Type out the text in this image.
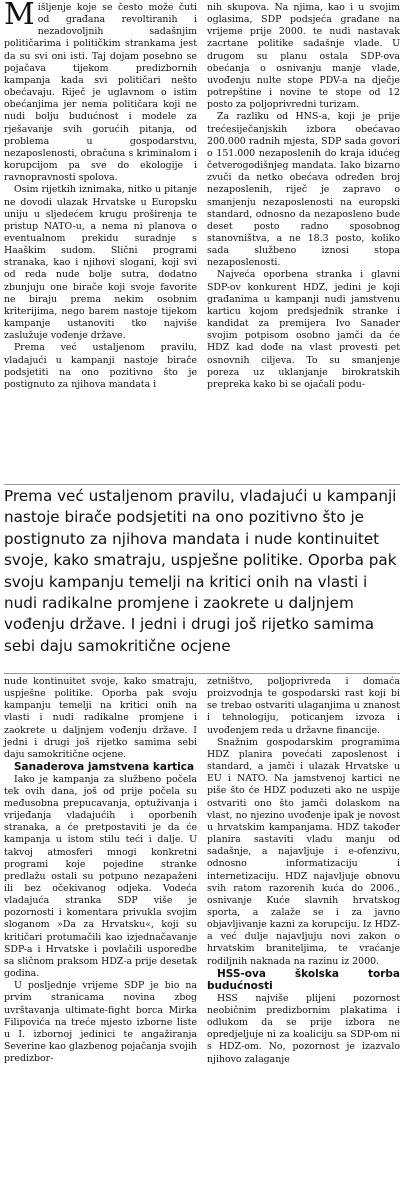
Mišljenje koje se često može čuti od građana revoltiranih i nezadovoljnih sadašnjim političarima i političkim strankama jest da su svi oni isti. Taj dojam posebno se pojačava tijekom predizbornih kampanja kada svi političari nešto obećavaju. Riječ je uglavnom o istim obećanjima jer nema političara koji ne nudi bolju budućnost i modele za rješavanje svih gorućih pitanja, od problema u gospodarstvu, nezaposlenosti, obračuna s kriminalom i korupcijom pa sve do ekologije i ravnopravnosti spolova.

Osim rijetkih iznimaka, nitko u pitanje ne dovodi ulazak Hrvatske u Europsku uniju u sljedećem krugu proširenja te pristup NATO-u, a nema ni planova o eventualnom prekidu suradnje s Haaškim sudom. Slični programi stranaka, kao i njihovi slogani, koji svi od reda nude bolje sutra, dodatno zbunjuju one birače koji svoje favorite ne biraju prema nekim osobnim kriterijima, nego barem nastoje tijekom kampanje ustanoviti tko najviše zaslužuje vođenje države.

Prema već ustaljenom pravilu, vladajući u kampanji nastoje birače podsjetiti na ono pozitivno što je postignuto za njihova mandata i

nih skupova. Na njima, kao i u svojim oglasima, SDP podsjeća građane na vrijeme prije 2000. te nudi nastavak zacrtane politike sadašnje vlade. U drugom su planu ostala SDP-ova obećanja o osnivanju manje vlade, uvođenju nulte stope PDV-a na dječje potrepštine i novine te stope od 12 posto za poljoprivredni turizam.

Za razliku od HNS-a, koji je prije trećesiječanjskih izbora obećavao 200.000 radnih mjesta, SDP sada govori o 151.000 nezaposlenih do kraja idućeg četverogodišnjeg mandata. Iako bizarno zvuči da netko obećava određen broj nezaposlenih, riječ je zapravo o smanjenju nezaposlenosti na europski standard, odnosno da nezaposleno bude deset posto radno sposobnog stanovništva, a ne 18.3 posto, koliko sada službeno iznosi stopa nezaposlenosti.

Najveća oporbena stranka i glavni SDP-ov konkurent HDZ, jedini je koji građanima u kampanji nudi jamstvenu karticu kojom predsjednik stranke i kandidat za premijera Ivo Sanader svojim potpisom osobno jamči da će HDZ kad dođe na vlast provesti pet osnovnih ciljeva. To su smanjenje poreza uz uklanjanje birokratskih prepreka kako bi se ojačali podu-

Prema već ustaljenom pravilu, vladajući u kampanji nastoje birače podsjetiti na ono pozitivno što je postignuto za njihova mandata i nude kontinuitet svoje, kako smatraju, uspješne politike. Oporba pak svoju kampanju temelji na kritici onih na vlasti i nudi radikalne promjene i zaokrete u daljnjem vođenju države. I jedni i drugi još rijetko samima sebi daju samokritične ocjene

nude kontinuitet svoje, kako smatraju, uspješne politike. Oporba pak svoju kampanju temelji na kritici onih na vlasti i nudi radikalne promjene i zaokrete u daljnjem vođenju države. I jedni i drugi još rijetko samima sebi daju samokritične ocjene.

Sanaderova jamstvena kartica

Iako je kampanja za službeno počela tek ovih dana, još od prije počela su međusobna prepucavanja, optuživanja i vrijeđanja vladajućih i oporbenih stranaka, a će pretpostaviti je da će kampanja u istom stilu teći i dalje. U takvoj atmosferi mnogi konkretni programi koje pojedine stranke predlažu ostali su potpuno nezapaženi ili bez očekivanog odjeka. Vodeća vladajuća stranka SDP više je pozornosti i komentara privukla svojim sloganom »Da za Hrvatsku«, koji su kritičari protumačili kao izjednačavanje SDP-a i Hrvatske i povlačili usporedbe sa sličnom praksom HDZ-a prije desetak godina.

U posljednje vrijeme SDP je bio na prvim stranicama novina zbog uvrštavanja ultimate-fight borca Mirka Filipovića na treće mjesto izborne liste u I. izbornoj jedinici te angažiranja Severine kao glazbenog pojačanja svojih predizbor-

zetništvo, poljoprivreda i domaća proizvodnja te gospodarski rast koji bi se trebao ostvariti ulaganjima u znanost i tehnologiju, poticanjem izvoza i uvođenjem reda u državne financije.

Snažnim gospodarskim programima HDZ planira povećati zaposlenost i standard, a jamči i ulazak Hrvatske u EU i NATO. Na jamstvenoj kartici ne piše što će HDZ poduzeti ako ne uspije ostvariti ono što jamči dolaskom na vlast, no njezino uvođenje ipak je novost u hrvatskim kampanjama. HDZ također planira sastaviti vladu manju od sadašnje, a najavljuje i e-ofenzivu, odnosno informatizaciju i internetizaciju. HDZ najavljuje obnovu svih ratom razorenih kuća do 2006., osnivanje Kuće slavnih hrvatskog sporta, a zalaže se i za javno objavljivanje kazni za korupciju. Iz HDZ-a već dulje najavljuju novi zakon o hrvatskim braniteljima, te vraćanje rodiljnih naknada na razinu iz 2000.

HSS-ova školska torba budućnosti

HSS najviše plijeni pozornost neobičnim predizbornim plakatima i odlukom da se prije izbora ne opredjeljuje ni za koaliciju sa SDP-om ni s HDZ-om. No, pozornost je izazvalo njihovo zalaganje
